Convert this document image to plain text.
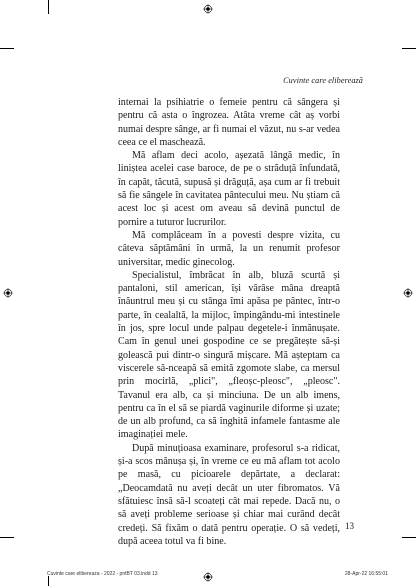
Cuvinte care eliberează

internai la psihiatrie o femeie pentru că sângera și pentru că asta o îngrozea. Atâta vreme cât aș vorbi numai despre sânge, ar fi numai el văzut, nu s-ar vedea ceea ce el maschează.

Mă aflam deci acolo, așezată lângă medic, în liniștea acelei case baroce, de pe o străduță înfundată, în capăt, tăcută, supusă și drăguță, așa cum ar fi trebuit să fie sângele în cavitatea pântecului meu. Nu știam că acest loc și acest om aveau să devină punctul de pornire a tuturor lucrurilor.

Mă complăceam în a povesti despre vizita, cu câteva săptămâni în urmă, la un renumit profesor universitar, medic ginecolog.

Specialistul, îmbrăcat în alb, bluză scurtă și pantaloni, stil american, își vârâse mâna dreaptă înăuntrul meu și cu stânga îmi apăsa pe pântec, într-o parte, în cealaltă, la mijloc, împingându-mi intestinele în jos, spre locul unde palpau degetele-i înmănușate. Cam în genul unei gospodine ce se pregătește să-și golească pui dintr-o singură mișcare. Mă așteptam ca viscerele să-nceapă să emită zgomote slabe, ca mersul prin mocirlă, „plici", „fleoșc-pleosc", „pleosc". Tavanul era alb, ca și minciuna. De un alb imens, pentru ca în el să se piardă vaginurile diforme și uzate; de un alb profund, ca să înghită infamele fantasme ale imaginației mele.

După minuțioasa examinare, profesorul s-a ridicat, și-a scos mănușa și, în vreme ce eu mă aflam tot acolo pe masă, cu picioarele depărtate, a declarat: „Deocamdată nu aveți decât un uter fibromatos. Vă sfătuiesc însă să-l scoateți cât mai repede. Dacă nu, o să aveți probleme serioase și chiar mai curând decât credeți. Să fixăm o dată pentru operație. O să vedeți, după aceea totul va fi bine.

13

Cuvinte care elibereaza - 2022 - pntBT 03.indd 13	28-Apr-22 16:55:01
